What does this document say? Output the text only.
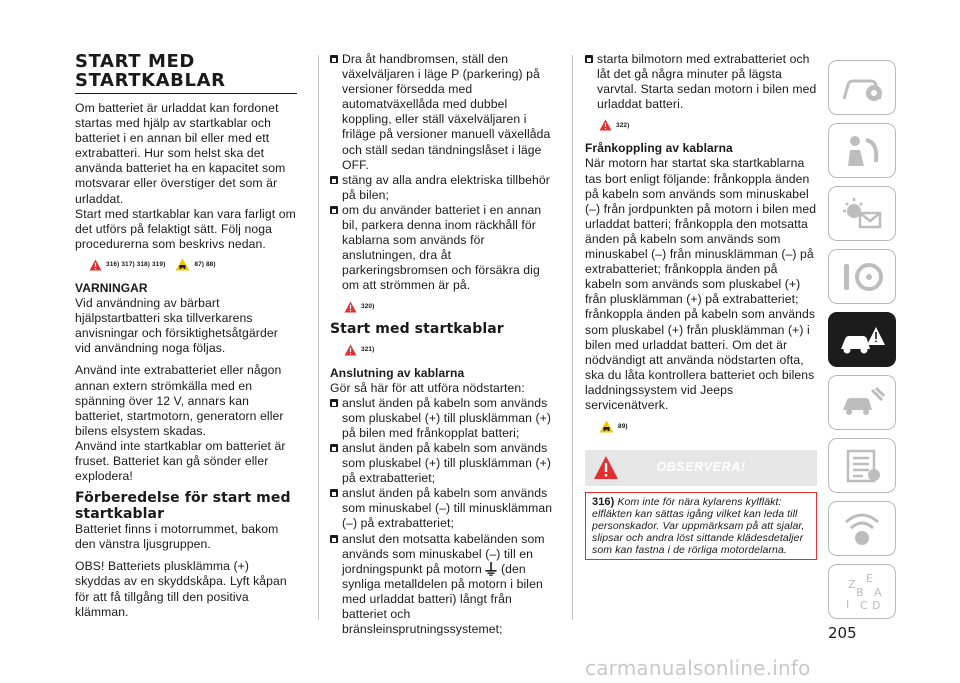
START MED
STARTKABLAR

Om batteriet är urladdat kan fordonet startas med hjälp av startkablar och batteriet i en annan bil eller med ett extrabatteri. Hur som helst ska det använda batteriet ha en kapacitet som motsvarar eller överstiger det som är urladdat.

Start med startkablar kan vara farligt om det utförs på felaktigt sätt. Följ noga procedurerna som beskrivs nedan.

316) 317) 318) 319)	87) 88)
VARNINGAR

Vid användning av bärbart hjälpstartbatteri ska tillverkarens anvisningar och försiktighetsåtgärder vid användning noga följas.

Använd inte extrabatteriet eller någon annan extern strömkälla med en spänning över 12 V, annars kan batteriet, startmotorn, generatorn eller bilens elsystem skadas.

Använd inte startkablar om batteriet är fruset. Batteriet kan gå sönder eller explodera!

Förberedelse för start med startkablar

Batteriet finns i motorrummet, bakom den vänstra ljusgruppen.

OBS! Batteriets plusklämma (+) skyddas av en skyddskåpa. Lyft kåpan för att få tillgång till den positiva klämman.

Dra åt handbromsen, ställ den växelväljaren i läge P (parkering) på versioner försedda med automatväxellåda med dubbel koppling, eller ställ växelväljaren i friläge på versioner manuell växellåda och ställ sedan tändningslåset i läge OFF.

stäng av alla andra elektriska tillbehör på bilen;

om du använder batteriet i en annan bil, parkera denna inom räckhåll för kablarna som används för anslutningen, dra åt parkeringsbromsen och försäkra dig om att strömmen är på.

320)
Start med startkablar
321)
Anslutning av kablarna

Gör så här för att utföra nödstarten:

anslut änden på kabeln som används som pluskabel (+) till plusklämman (+) på bilen med frånkopplat batteri;

anslut änden på kabeln som används som pluskabel (+) till plusklämman (+) på extrabatteriet;

anslut änden på kabeln som används som minuskabel (–) till minusklämman (–) på extrabatteriet;

anslut den motsatta kabeländen som används som minuskabel (–) till en jordningspunkt på motorn (den synliga metalldelen på motorn i bilen med urladdat batteri) långt från batteriet och bränsleinsprutningssystemet;

starta bilmotorn med extrabatteriet och låt det gå några minuter på lägsta varvtal. Starta sedan motorn i bilen med urladdat batteri.

322)
Frånkoppling av kablarna

När motorn har startat ska startkablarna tas bort enligt följande: frånkoppla änden på kabeln som används som minuskabel (–) från jordpunkten på motorn i bilen med urladdat batteri; frånkoppla den motsatta änden på kabeln som används som minuskabel (–) från minusklämman (–) på extrabatteriet; frånkoppla änden på kabeln som används som pluskabel (+) från plusklämman (+) på extrabatteriet; frånkoppla änden på kabeln som används som pluskabel (+) från plusklämman (+) i bilen med urladdat batteri. Om det är nödvändigt att använda nödstarten ofta, ska du låta kontrollera batteriet och bilens laddningssystem vid Jeeps servicenätverk.

89)
OBSERVERA!
316) Kom inte för nära kylarens kylfläkt: elfläkten kan sättas igång vilket kan leda till personskador. Var uppmärksam på att sjalar, slipsar och andra löst sittande klädesdetaljer som kan fastna i de rörliga motordelarna.
Z E
B A
I C D
205
carmanualsonline.info
